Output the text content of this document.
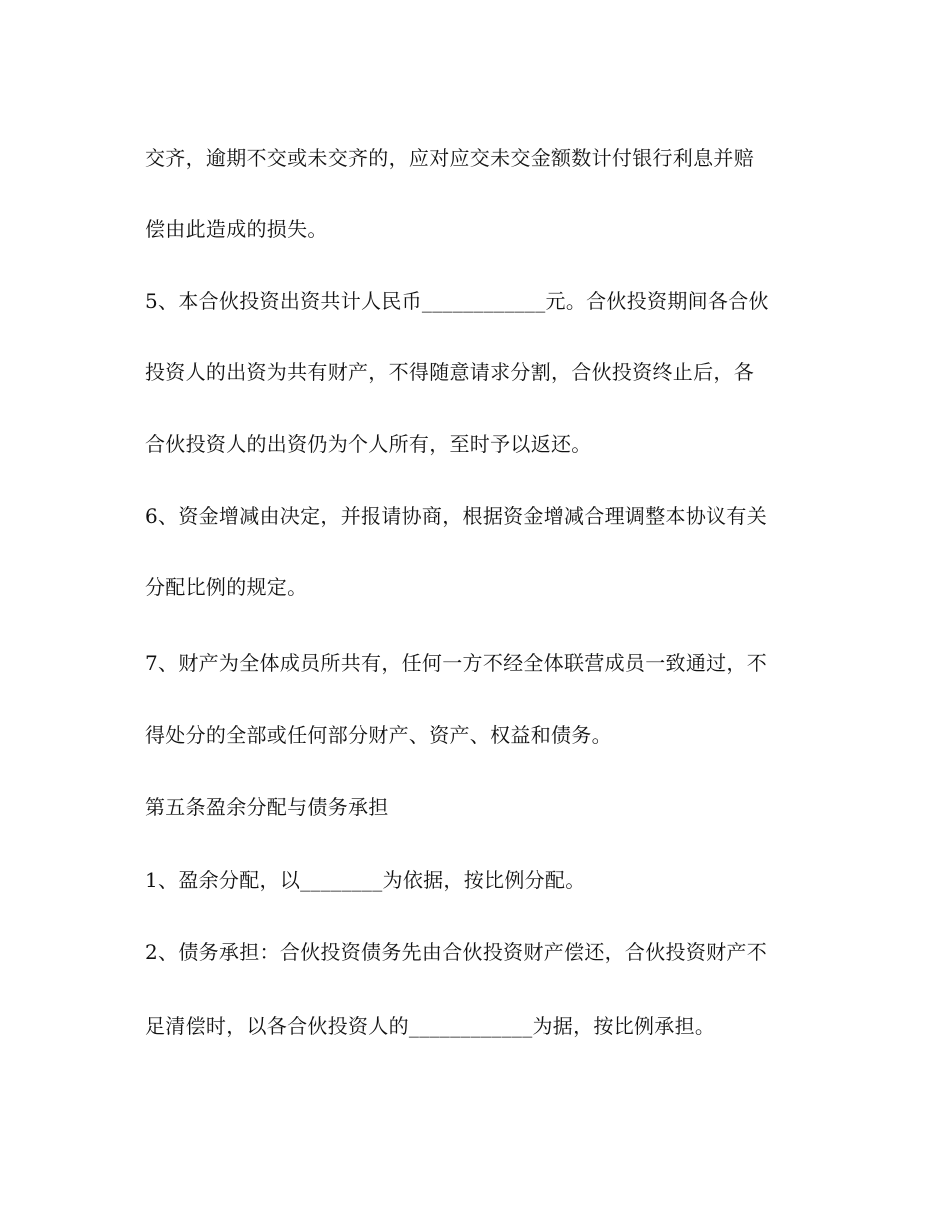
交齐，逾期不交或未交齐的，应对应交未交金额数计付银行利息并赔
偿由此造成的损失。
5、本合伙投资出资共计人民币____________元。合伙投资期间各合伙
投资人的出资为共有财产，不得随意请求分割，合伙投资终止后，各
合伙投资人的出资仍为个人所有，至时予以返还。
6、资金增减由决定，并报请协商，根据资金增减合理调整本协议有关
分配比例的规定。
7、财产为全体成员所共有，任何一方不经全体联营成员一致通过，不
得处分的全部或任何部分财产、资产、权益和债务。
第五条盈余分配与债务承担
1、盈余分配，以________为依据，按比例分配。
2、债务承担：合伙投资债务先由合伙投资财产偿还，合伙投资财产不
足清偿时，以各合伙投资人的____________为据，按比例承担。
